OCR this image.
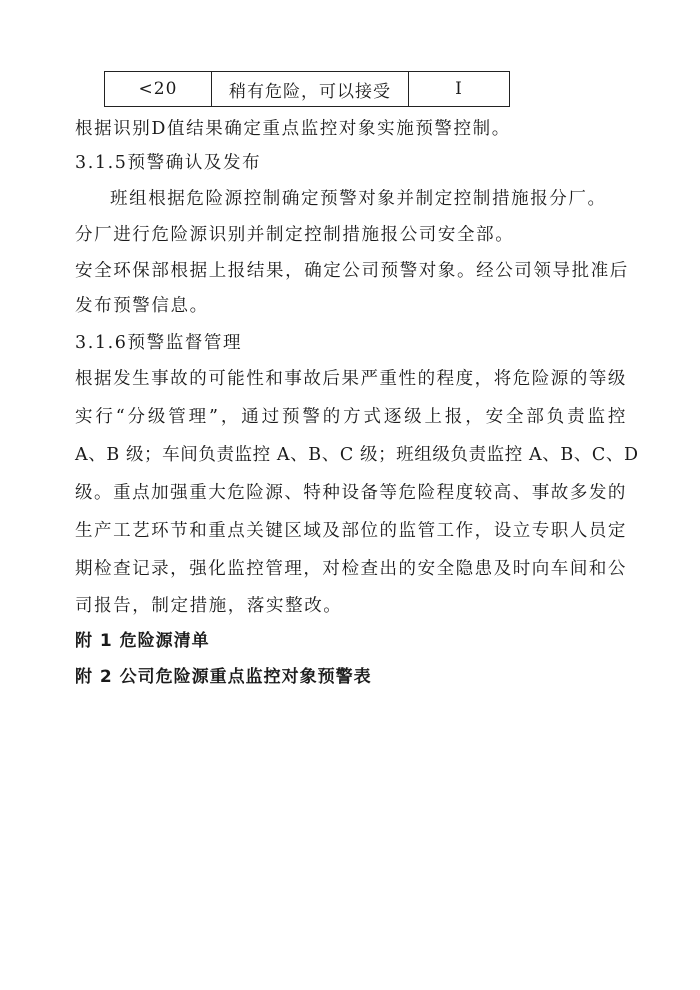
<20	稍有危险，可以接受	I
根据识别D值结果确定重点监控对象实施预警控制。
3.1.5预警确认及发布
班组根据危险源控制确定预警对象并制定控制措施报分厂。
分厂进行危险源识别并制定控制措施报公司安全部。
安全环保部根据上报结果，确定公司预警对象。经公司领导批准后
发布预警信息。
3.1.6预警监督管理
根据发生事故的可能性和事故后果严重性的程度，将危险源的等级
实行“分级管理”，通过预警的方式逐级上报，安全部负责监控
A、B 级；车间负责监控 A、B、C 级；班组级负责监控 A、B、C、D
级。重点加强重大危险源、特种设备等危险程度较高、事故多发的
生产工艺环节和重点关键区域及部位的监管工作，设立专职人员定
期检查记录，强化监控管理，对检查出的安全隐患及时向车间和公
司报告，制定措施，落实整改。
附 1 危险源清单
附 2 公司危险源重点监控对象预警表
